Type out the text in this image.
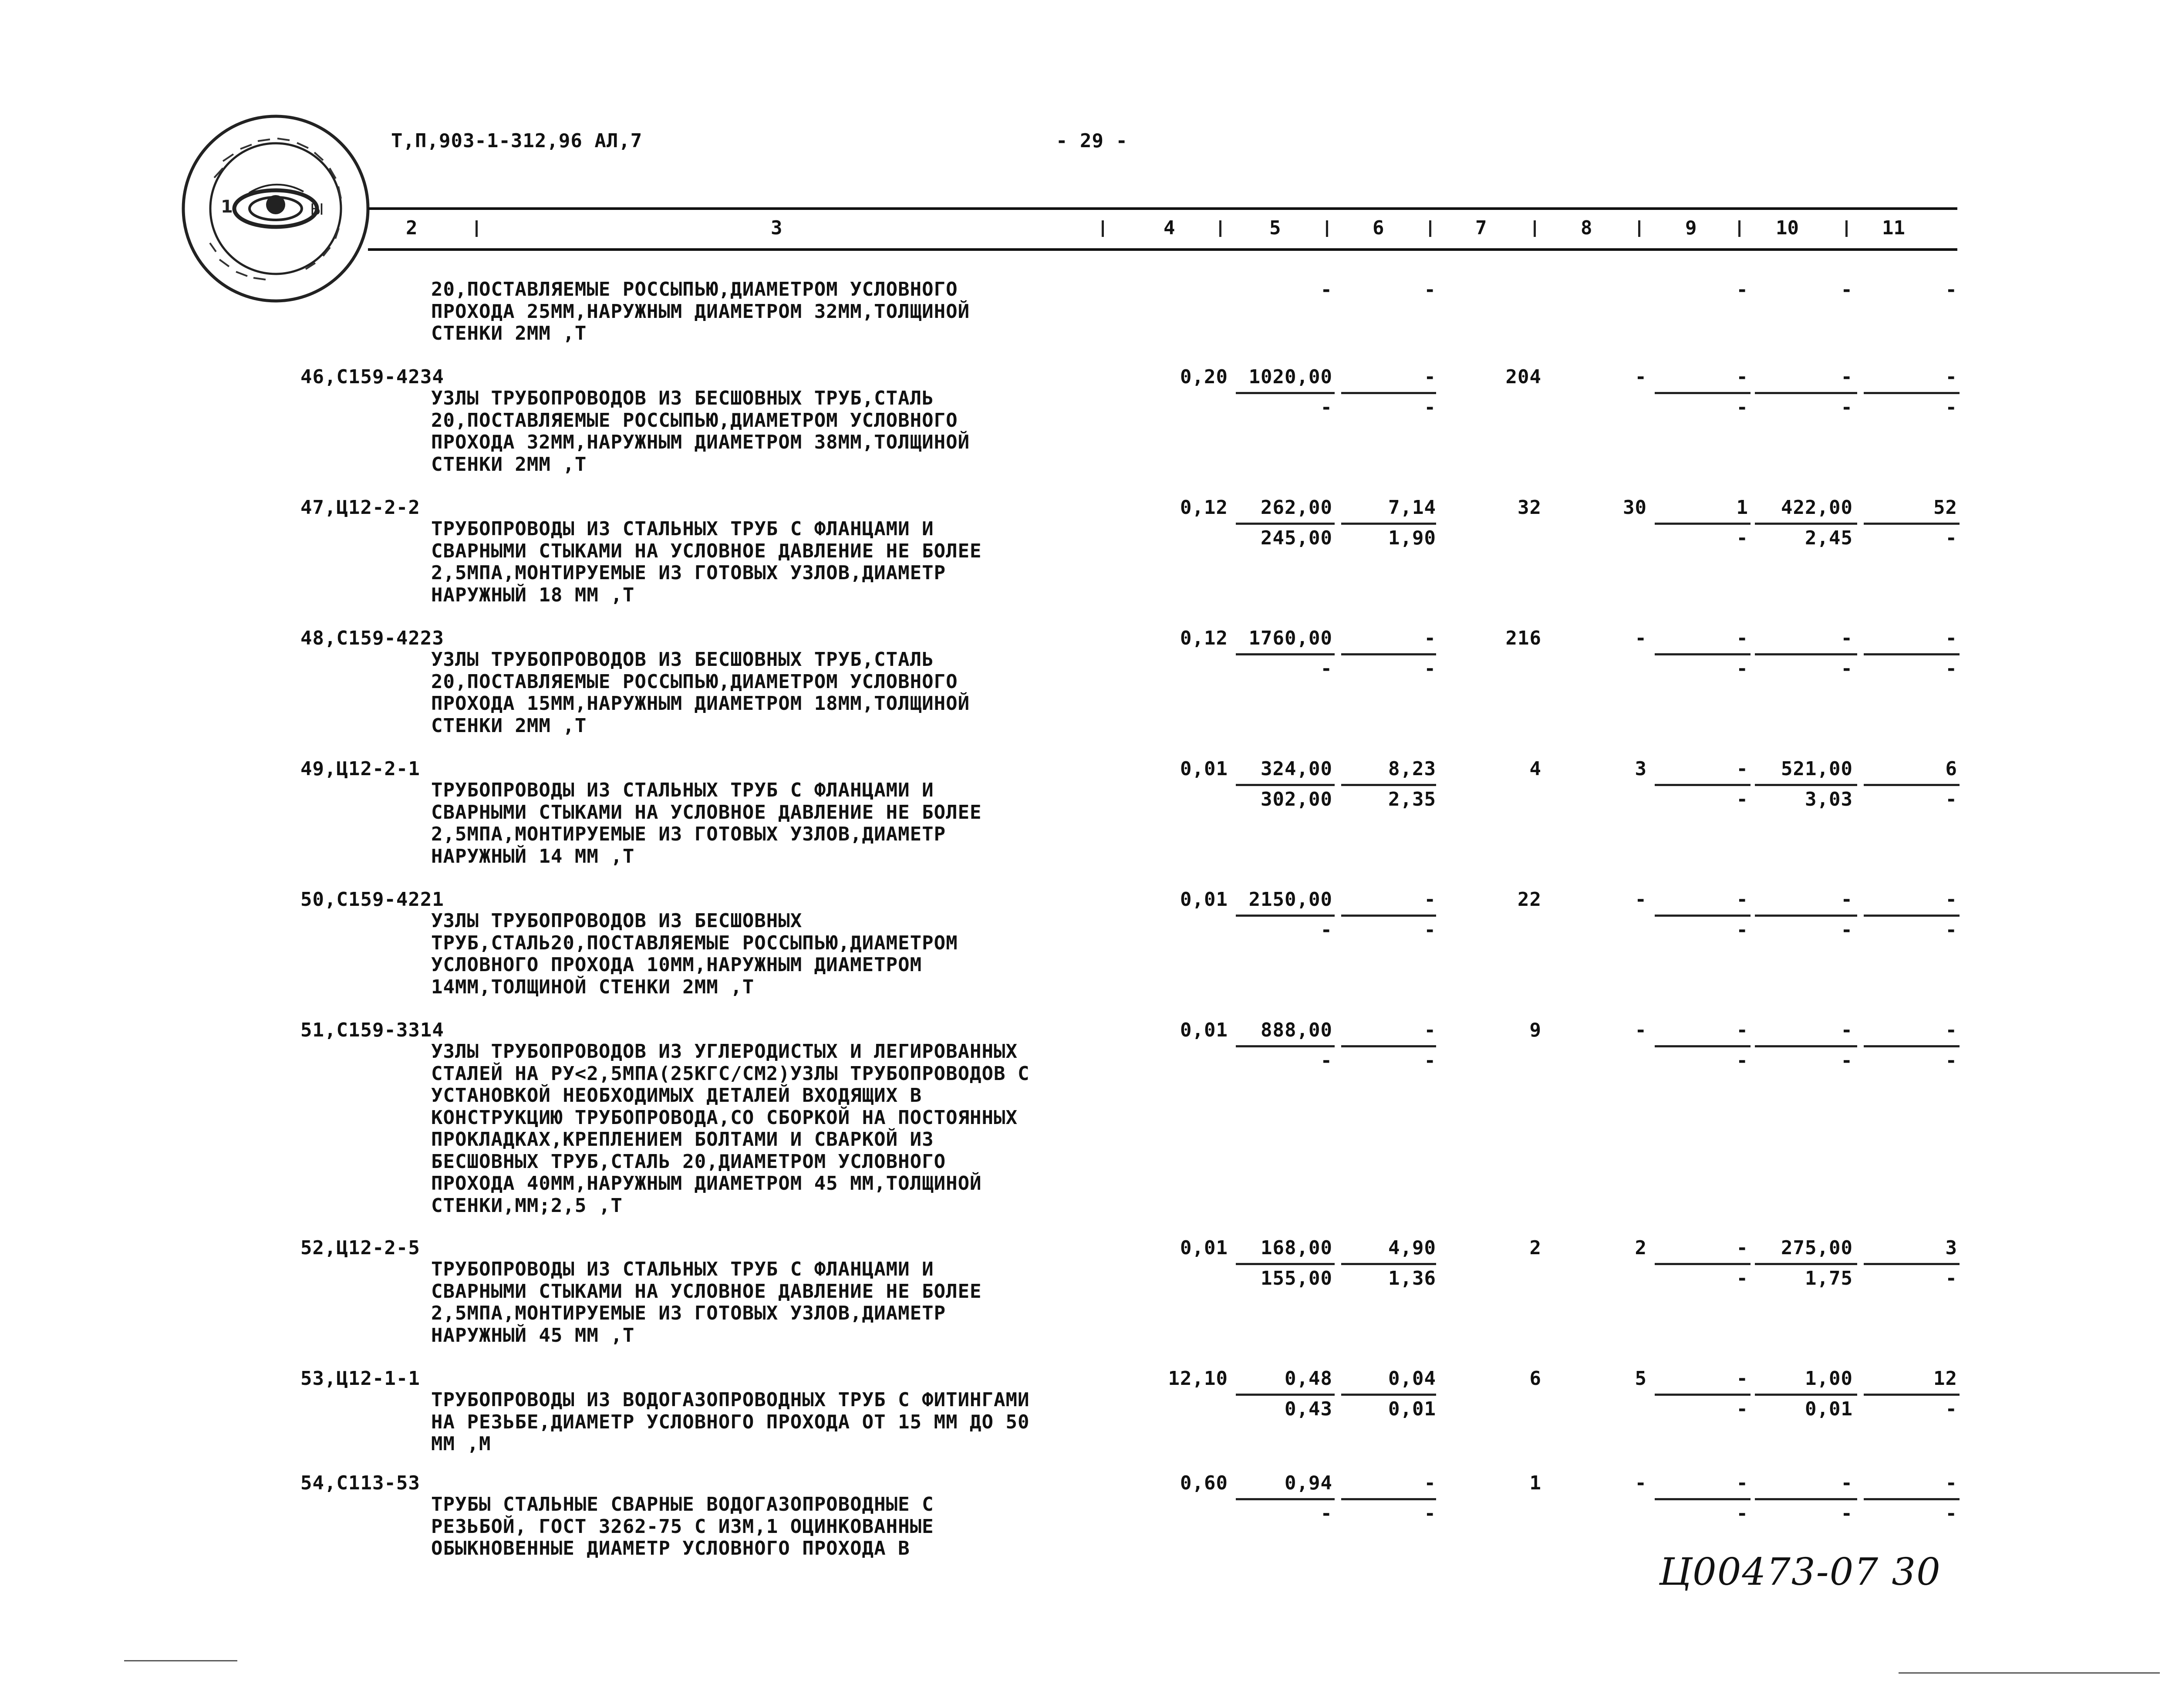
1	Ы
Т,П,903-1-312,96 АЛ,7	- 29 -
2	3	4	5	6	7	8	9	10	11
20,ПОСТАВЛЯЕМЫЕ РОССЫПЬЮ,ДИАМЕТРОМ УСЛОВНОГО
ПРОХОДА 25ММ,НАРУЖНЫМ ДИАМЕТРОМ 32ММ,ТОЛЩИНОЙ
СТЕНКИ 2ММ ,Т
-	-	-	-	-
46,С159-4234
УЗЛЫ ТРУБОПРОВОДОВ ИЗ БЕСШОВНЫХ ТРУБ,СТАЛЬ
20,ПОСТАВЛЯЕМЫЕ РОССЫПЬЮ,ДИАМЕТРОМ УСЛОВНОГО
ПРОХОДА 32ММ,НАРУЖНЫМ ДИАМЕТРОМ 38ММ,ТОЛЩИНОЙ
СТЕНКИ 2ММ ,Т
0,20	1020,00	-	204	-	-	-	-
-	-	-	-	-
47,Ц12-2-2
ТРУБОПРОВОДЫ ИЗ СТАЛЬНЫХ ТРУБ С ФЛАНЦАМИ И
СВАРНЫМИ СТЫКАМИ НА УСЛОВНОЕ ДАВЛЕНИЕ НЕ БОЛЕЕ
2,5МПА,МОНТИРУЕМЫЕ ИЗ ГОТОВЫХ УЗЛОВ,ДИАМЕТР
НАРУЖНЫЙ 18 ММ ,Т
0,12	262,00	7,14	32	30	1	422,00	52
245,00	1,90	-	2,45	-
48,С159-4223
УЗЛЫ ТРУБОПРОВОДОВ ИЗ БЕСШОВНЫХ ТРУБ,СТАЛЬ
20,ПОСТАВЛЯЕМЫЕ РОССЫПЬЮ,ДИАМЕТРОМ УСЛОВНОГО
ПРОХОДА 15ММ,НАРУЖНЫМ ДИАМЕТРОМ 18ММ,ТОЛЩИНОЙ
СТЕНКИ 2ММ ,Т
0,12	1760,00	-	216	-	-	-	-
-	-	-	-	-
49,Ц12-2-1
ТРУБОПРОВОДЫ ИЗ СТАЛЬНЫХ ТРУБ С ФЛАНЦАМИ И
СВАРНЫМИ СТЫКАМИ НА УСЛОВНОЕ ДАВЛЕНИЕ НЕ БОЛЕЕ
2,5МПА,МОНТИРУЕМЫЕ ИЗ ГОТОВЫХ УЗЛОВ,ДИАМЕТР
НАРУЖНЫЙ 14 ММ ,Т
0,01	324,00	8,23	4	3	-	521,00	6
302,00	2,35	-	3,03	-
50,С159-4221
УЗЛЫ ТРУБОПРОВОДОВ ИЗ БЕСШОВНЫХ
ТРУБ,СТАЛЬ20,ПОСТАВЛЯЕМЫЕ РОССЫПЬЮ,ДИАМЕТРОМ
УСЛОВНОГО ПРОХОДА 10ММ,НАРУЖНЫМ ДИАМЕТРОМ
14ММ,ТОЛЩИНОЙ СТЕНКИ 2ММ ,Т
0,01	2150,00	-	22	-	-	-	-
-	-	-	-	-
51,С159-3314
УЗЛЫ ТРУБОПРОВОДОВ ИЗ УГЛЕРОДИСТЫХ И ЛЕГИРОВАННЫХ
СТАЛЕЙ НА РУ<2,5МПА(25КГС/СМ2)УЗЛЫ ТРУБОПРОВОДОВ С
УСТАНОВКОЙ НЕОБХОДИМЫХ ДЕТАЛЕЙ ВХОДЯЩИХ В
КОНСТРУКЦИЮ ТРУБОПРОВОДА,СО СБОРКОЙ НА ПОСТОЯННЫХ
ПРОКЛАДКАХ,КРЕПЛЕНИЕМ БОЛТАМИ И СВАРКОЙ ИЗ
БЕСШОВНЫХ ТРУБ,СТАЛЬ 20,ДИАМЕТРОМ УСЛОВНОГО
ПРОХОДА 40ММ,НАРУЖНЫМ ДИАМЕТРОМ 45 ММ,ТОЛЩИНОЙ
СТЕНКИ,ММ;2,5 ,Т
0,01	888,00	-	9	-	-	-	-
-	-	-	-	-
52,Ц12-2-5
ТРУБОПРОВОДЫ ИЗ СТАЛЬНЫХ ТРУБ С ФЛАНЦАМИ И
СВАРНЫМИ СТЫКАМИ НА УСЛОВНОЕ ДАВЛЕНИЕ НЕ БОЛЕЕ
2,5МПА,МОНТИРУЕМЫЕ ИЗ ГОТОВЫХ УЗЛОВ,ДИАМЕТР
НАРУЖНЫЙ 45 ММ ,Т
0,01	168,00	4,90	2	2	-	275,00	3
155,00	1,36	-	1,75	-
53,Ц12-1-1
ТРУБОПРОВОДЫ ИЗ ВОДОГАЗОПРОВОДНЫХ ТРУБ С ФИТИНГАМИ
НА РЕЗЬБЕ,ДИАМЕТР УСЛОВНОГО ПРОХОДА ОТ 15 ММ ДО 50
ММ ,М
12,10	0,48	0,04	6	5	-	1,00	12
0,43	0,01	-	0,01	-
54,С113-53
ТРУБЫ СТАЛЬНЫЕ СВАРНЫЕ ВОДОГАЗОПРОВОДНЫЕ С
РЕЗЬБОЙ, ГОСТ 3262-75 С ИЗМ,1 ОЦИНКОВАННЫЕ
ОБЫКНОВЕННЫЕ ДИАМЕТР УСЛОВНОГО ПРОХОДА В
0,60	0,94	-	1	-	-	-	-
-	-	-	-	-
Ц00473-07 30
